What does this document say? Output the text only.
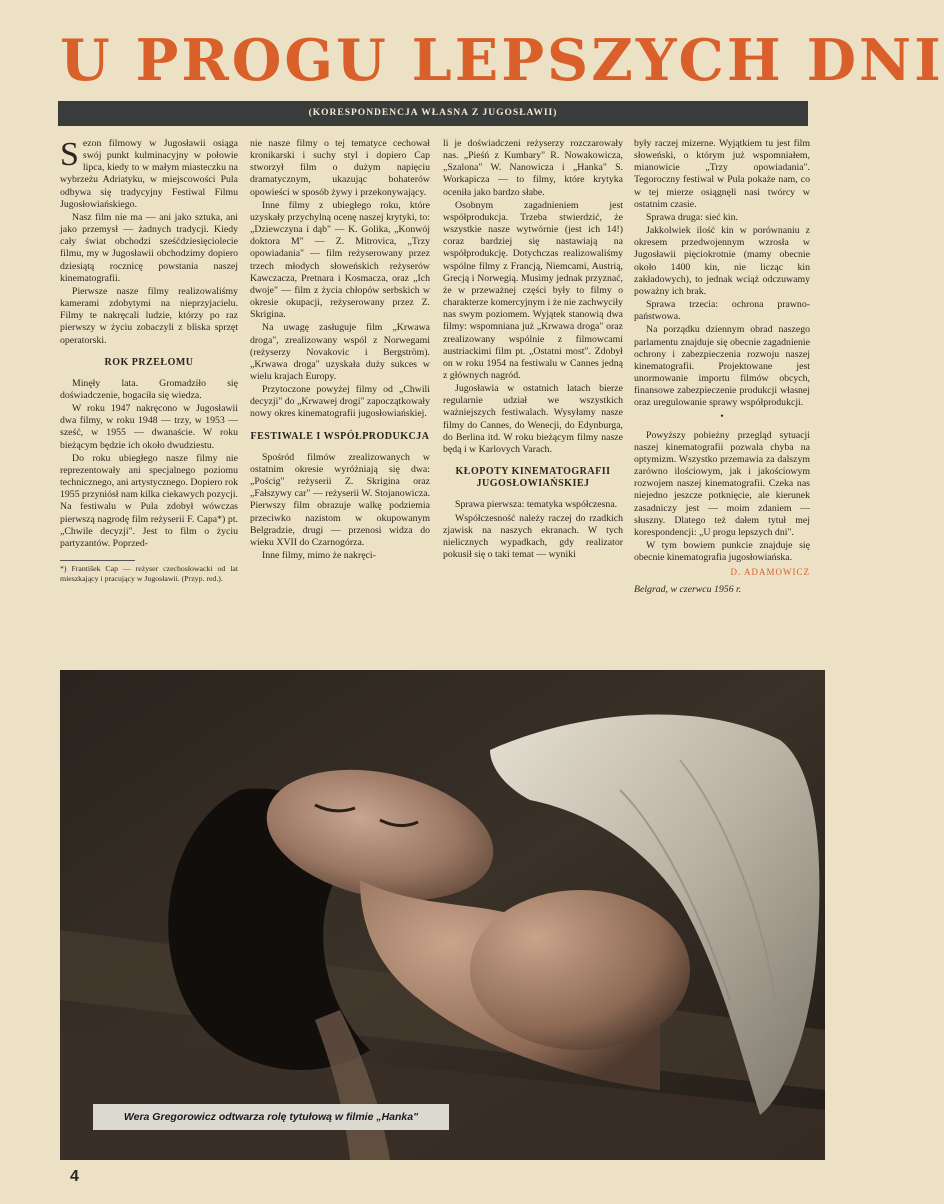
U PROGU LEPSZYCH DNI
(KORESPONDENCJA WŁASNA Z JUGOSŁAWII)

Sezon filmowy w Jugosławii osiąga swój punkt kulminacyjny w połowie lipca, kiedy to w małym miasteczku na wybrzeżu Adriatyku, w miejscowości Pula odbywa się tradycyjny Festiwal Filmu Jugosłowiańskiego.

Nasz film nie ma — ani jako sztuka, ani jako przemysł — żadnych tradycji. Kiedy cały świat obchodzi sześćdziesięciolecie filmu, my w Jugosławii obchodzimy dopiero dziesiątą rocznicę powstania naszej kinematografii.

Pierwsze nasze filmy realizowaliśmy kamerami zdobytymi na nieprzyjacielu. Filmy te nakręcali ludzie, którzy po raz pierwszy w życiu zobaczyli z bliska sprzęt operatorski.

ROK PRZEŁOMU

Minęły lata. Gromadziło się doświadczenie, bogaciła się wiedza.

W roku 1947 nakręcono w Jugosławii dwa filmy, w roku 1948 — trzy, w 1953 — sześć, w 1955 — dwanaście. W roku bieżącym będzie ich około dwudziestu.

Do roku ubiegłego nasze filmy nie reprezentowały ani specjalnego poziomu technicznego, ani artystycznego. Dopiero rok 1955 przyniósł nam kilka ciekawych pozycji. Na festiwalu w Pula zdobył wówczas pierwszą nagrodę film reżyserii F. Capa*) pt. „Chwile decyzji". Jest to film o życiu partyzantów. Poprzed-

*) František Cap — reżyser czechosłowacki od lat mieszkający i pracujący w Jugosławii. (Przyp. red.).

nie nasze filmy o tej tematyce cechował kronikarski i suchy styl i dopiero Cap stworzył film o dużym napięciu dramatycznym, ukazując bohaterów opowieści w sposób żywy i przekonywający.

Inne filmy z ubiegłego roku, które uzyskały przychylną ocenę naszej krytyki, to: „Dziewczyna i dąb" — K. Golika, „Konwój doktora M" — Z. Mitrovica, „Trzy opowiadania" — film reżyserowany przez trzech młodych słoweńskich reżyserów Kawczacza, Pretnara i Kosmacza, oraz „Ich dwoje" — film z życia chłopów serbskich w okresie okupacji, reżyserowany przez Z. Skrigina.

Na uwagę zasługuje film „Krwawa droga", zrealizowany wspól z Norwegami (reżyserzy Novakovic i Bergström). „Krwawa droga" uzyskała duży sukces w wielu krajach Europy.

Przytoczone powyżej filmy od „Chwili decyzji" do „Krwawej drogi" zapoczątkowały nowy okres kinematografii jugosłowiańskiej.

FESTIWALE I WSPÓŁPRODUKCJA

Spośród filmów zrealizowanych w ostatnim okresie wyróżniają się dwa: „Pościg" reżyserii Z. Skrigina oraz „Fałszywy car" — reżyserii W. Stojanowicza. Pierwszy film obrazuje walkę podziemia przeciwko nazistom w okupowanym Belgradzie, drugi — przenosi widza do wieku XVII do Czarnogórza.

Inne filmy, mimo że nakręci-

li je doświadczeni reżyserzy rozczarowały nas. „Pieśń z Kumbary" R. Nowakowicza, „Szalona" W. Nanowicza i „Hanka" S. Workapicza — to filmy, które krytyka oceniła jako bardzo słabe.

Osobnym zagadnieniem jest współprodukcja. Trzeba stwierdzić, że wszystkie nasze wytwórnie (jest ich 14!) coraz bardziej się nastawiają na współprodukcję. Dotychczas realizowaliśmy wspólne filmy z Francją, Niemcami, Austrią, Grecją i Norwegią. Musimy jednak przyznać, że w przeważnej części były to filmy o charakterze komercyjnym i że nie zachwyciły nas swym poziomem. Wyjątek stanowią dwa filmy: wspomniana już „Krwawa droga" oraz zrealizowany wspólnie z filmowcami austriackimi film pt. „Ostatni most". Zdobył on w roku 1954 na festiwalu w Cannes jedną z głównych nagród.

Jugosławia w ostatnich latach bierze regularnie udział we wszystkich ważniejszych festiwalach. Wysyłamy nasze filmy do Cannes, do Wenecji, do Edynburga, do Berlina itd. W roku bieżącym filmy nasze będą i w Karlovych Varach.

KŁOPOTY KINEMATOGRAFII JUGOSŁOWIAŃSKIEJ

Sprawa pierwsza: tematyka współczesna.

Współczesność należy raczej do rzadkich zjawisk na naszych ekranach. W tych nielicznych wypadkach, gdy realizator pokusił się o taki temat — wyniki

były raczej mizerne. Wyjątkiem tu jest film słoweński, o którym już wspomniałem, mianowicie „Trzy opowiadania". Tegoroczny festiwal w Pula pokaże nam, co w tej mierze osiągnęli nasi twórcy w ostatnim czasie.

Sprawa druga: sieć kin.

Jakkolwiek ilość kin w porównaniu z okresem przedwojennym wzrosła w Jugosławii pięciokrotnie (mamy obecnie około 1400 kin, nie licząc kin zakładowych), to jednak wciąż odczuwamy poważny ich brak.

Sprawa trzecia: ochrona prawno-państwowa.

Na porządku dziennym obrad naszego parlamentu znajduje się obecnie zagadnienie ochrony i zabezpieczenia rozwoju naszej kinematografii. Projektowane jest unormowanie importu filmów obcych, finansowe zabezpieczenie produkcji własnej oraz uregulowanie sprawy współprodukcji.

•

Powyższy pobieżny przegląd sytuacji naszej kinematografii pozwala chyba na optymizm. Wszystko przemawia za dalszym zarówno ilościowym, jak i jakościowym rozwojem naszej kinematografii. Czeka nas niejedno jeszcze potknięcie, ale kierunek zasadniczy jest — moim zdaniem — słuszny. Dlatego też dałem tytuł mej korespondencji: „U progu lepszych dni".

W tym bowiem punkcie znajduje się obecnie kinematografia jugosłowiańska.

D. ADAMOWICZ

Belgrad, w czerwcu 1956 r.

Wera Gregorowicz odtwarza rolę tytułową w filmie „Hanka"
4
